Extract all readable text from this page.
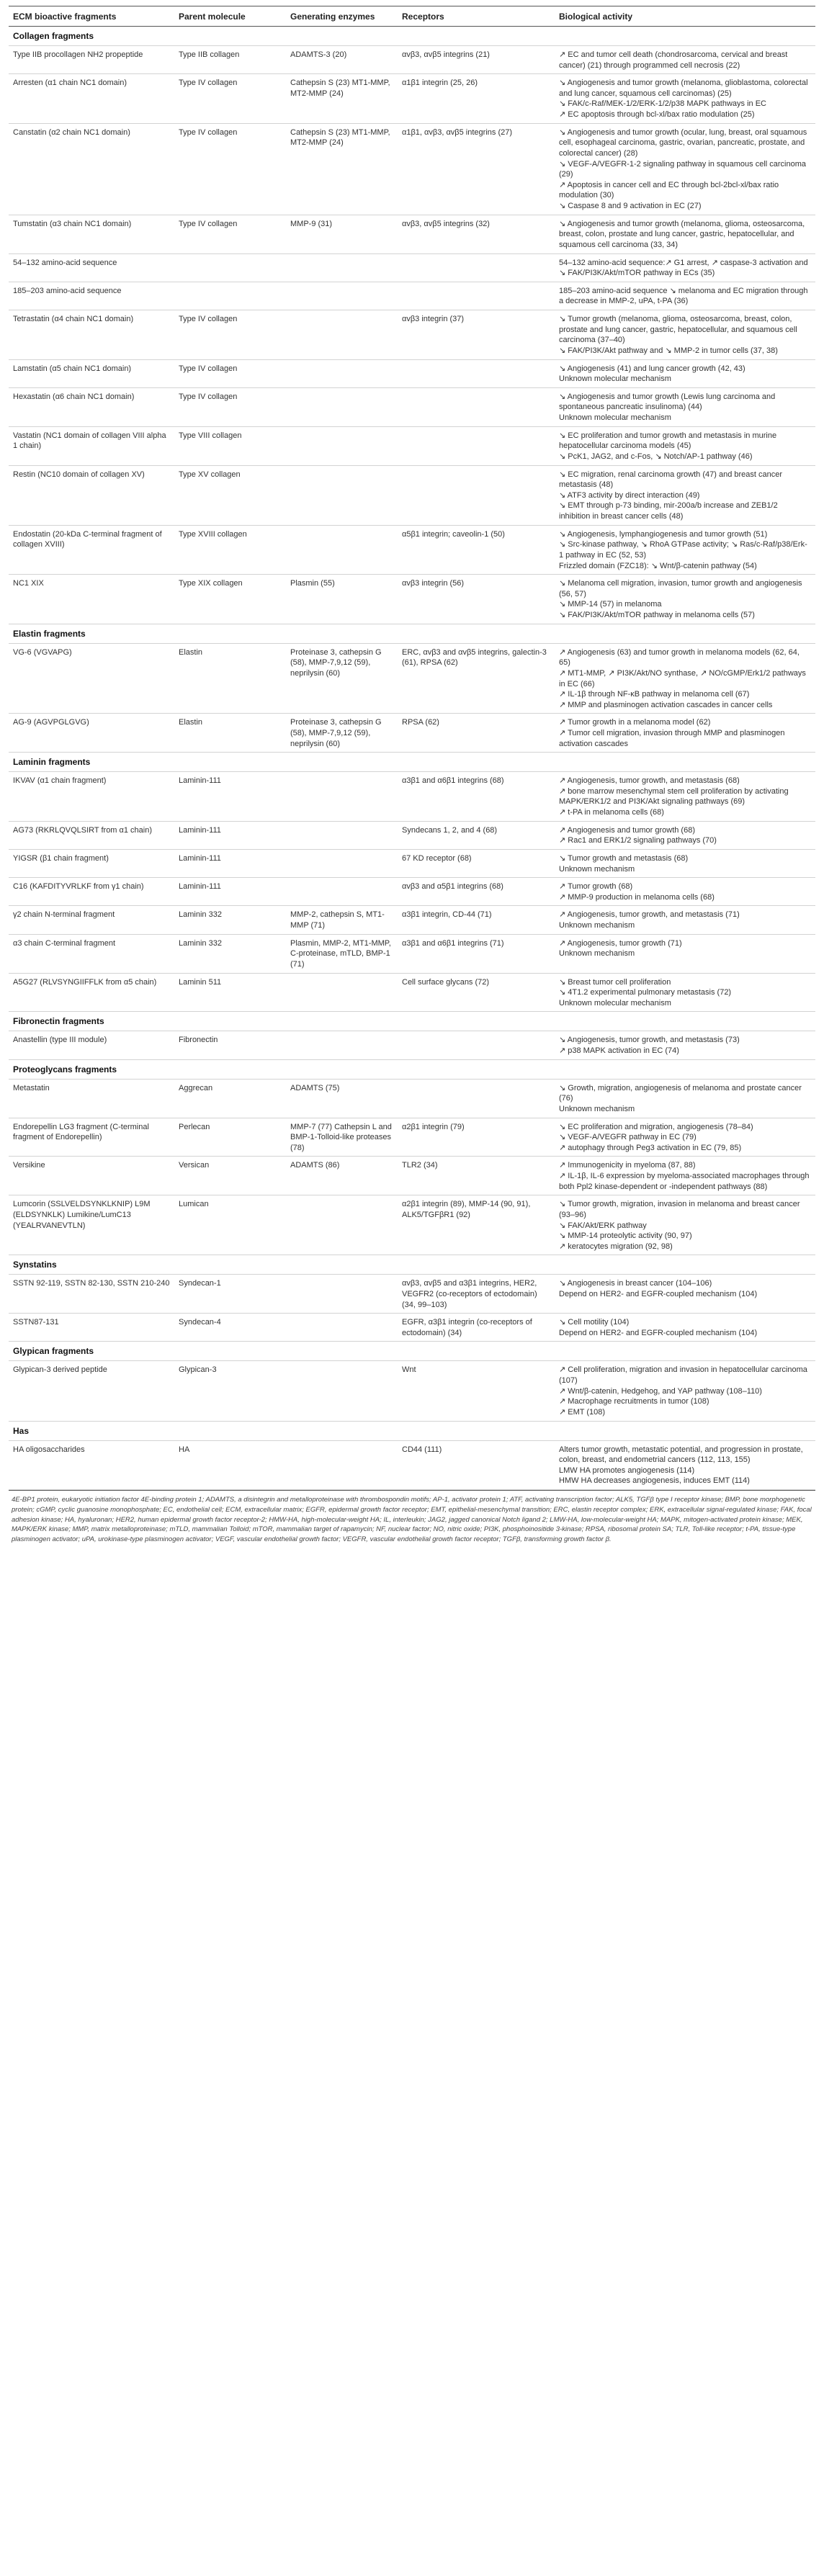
ECM bioactive fragments	Parent molecule	Generating enzymes	Receptors	Biological activity
Collagen fragments				
Type IIB procollagen NH2 propeptide	Type IIB collagen	ADAMTS-3 (20)	αvβ3, αvβ5 integrins (21)	↗ EC and tumor cell death (chondrosarcoma, cervical and breast cancer) (21) through programmed cell necrosis (22)

Arresten (α1 chain NC1 domain)	Type IV collagen	Cathepsin S (23) MT1-MMP, MT2-MMP (24)	α1β1 integrin (25, 26)	↘ Angiogenesis and tumor growth (melanoma, glioblastoma, colorectal and lung cancer, squamous cell carcinomas) (25)
↘ FAK/c-Raf/MEK-1/2/ERK-1/2/p38 MAPK pathways in EC
↗ EC apoptosis through bcl-xl/bax ratio modulation (25)

Canstatin (α2 chain NC1 domain)	Type IV collagen	Cathepsin S (23) MT1-MMP, MT2-MMP (24)	α1β1, αvβ3, αvβ5 integrins (27)	↘ Angiogenesis and tumor growth (ocular, lung, breast, oral squamous cell, esophageal carcinoma, gastric, ovarian, pancreatic, prostate, and colorectal cancer) (28)
↘ VEGF-A/VEGFR-1-2 signaling pathway in squamous cell carcinoma (29)
↗ Apoptosis in cancer cell and EC through bcl-2bcl-xl/bax ratio modulation (30)
↘ Caspase 8 and 9 activation in EC (27)

Tumstatin (α3 chain NC1 domain)	Type IV collagen	MMP-9 (31)	αvβ3, αvβ5 integrins (32)	↘ Angiogenesis and tumor growth (melanoma, glioma, osteosarcoma, breast, colon, prostate and lung cancer, gastric, hepatocellular, and squamous cell carcinoma (33, 34)

54–132 amino-acid sequence				54–132 amino-acid sequence:↗ G1 arrest, ↗ caspase-3 activation and ↘ FAK/PI3K/Akt/mTOR pathway in ECs (35)

185–203 amino-acid sequence				185–203 amino-acid sequence ↘ melanoma and EC migration through a decrease in MMP-2, uPA, t-PA (36)

Tetrastatin (α4 chain NC1 domain)	Type IV collagen		αvβ3 integrin (37)	↘ Tumor growth (melanoma, glioma, osteosarcoma, breast, colon, prostate and lung cancer, gastric, hepatocellular, and squamous cell carcinoma (37–40)
↘ FAK/PI3K/Akt pathway and ↘ MMP-2 in tumor cells (37, 38)

Lamstatin (α5 chain NC1 domain)	Type IV collagen			↘ Angiogenesis (41) and lung cancer growth (42, 43)
Unknown molecular mechanism

Hexastatin (α6 chain NC1 domain)	Type IV collagen			↘ Angiogenesis and tumor growth (Lewis lung carcinoma and spontaneous pancreatic insulinoma) (44)
Unknown molecular mechanism

Vastatin (NC1 domain of collagen VIII alpha 1 chain)	Type VIII collagen			↘ EC proliferation and tumor growth and metastasis in murine hepatocellular carcinoma models (45)
↘ PcK1, JAG2, and c-Fos, ↘ Notch/AP-1 pathway (46)

Restin (NC10 domain of collagen XV)	Type XV collagen			↘ EC migration, renal carcinoma growth (47) and breast cancer metastasis (48)
↘ ATF3 activity by direct interaction (49)
↘ EMT through p-73 binding, mir-200a/b increase and ZEB1/2 inhibition in breast cancer cells (48)

Endostatin (20-kDa C-terminal fragment of collagen XVIII)	Type XVIII collagen		α5β1 integrin; caveolin-1 (50)	↘ Angiogenesis, lymphangiogenesis and tumor growth (51)
↘ Src-kinase pathway, ↘ RhoA GTPase activity; ↘ Ras/c-Raf/p38/Erk-1 pathway in EC (52, 53)
Frizzled domain (FZC18): ↘ Wnt/β-catenin pathway (54)

NC1 XIX	Type XIX collagen	Plasmin (55)	αvβ3 integrin (56)	↘ Melanoma cell migration, invasion, tumor growth and angiogenesis (56, 57)
↘ MMP-14 (57) in melanoma
↘ FAK/PI3K/Akt/mTOR pathway in melanoma cells (57)

Elastin fragments				
VG-6 (VGVAPG)	Elastin	Proteinase 3, cathepsin G (58), MMP-7,9,12 (59), neprilysin (60)	ERC, αvβ3 and αvβ5 integrins, galectin-3 (61), RPSA (62)	↗ Angiogenesis (63) and tumor growth in melanoma models (62, 64, 65)
↗ MT1-MMP, ↗ PI3K/Akt/NO synthase, ↗ NO/cGMP/Erk1/2 pathways in EC (66)
↗ IL-1β through NF-κB pathway in melanoma cell (67)
↗ MMP and plasminogen activation cascades in cancer cells

AG-9 (AGVPGLGVG)	Elastin	Proteinase 3, cathepsin G (58), MMP-7,9,12 (59), neprilysin (60)	RPSA (62)	↗ Tumor growth in a melanoma model (62)
↗ Tumor cell migration, invasion through MMP and plasminogen activation cascades

Laminin fragments				
IKVAV (α1 chain fragment)	Laminin-111		α3β1 and α6β1 integrins (68)	↗ Angiogenesis, tumor growth, and metastasis (68)
↗ bone marrow mesenchymal stem cell proliferation by activating MAPK/ERK1/2 and PI3K/Akt signaling pathways (69)
↗ t-PA in melanoma cells (68)

AG73 (RKRLQVQLSIRT from α1 chain)	Laminin-111		Syndecans 1, 2, and 4 (68)	↗ Angiogenesis and tumor growth (68)
↗ Rac1 and ERK1/2 signaling pathways (70)

YIGSR (β1 chain fragment)	Laminin-111		67 KD receptor (68)	↘ Tumor growth and metastasis (68)
Unknown mechanism

C16 (KAFDITYVRLKF from γ1 chain)	Laminin-111		αvβ3 and α5β1 integrins (68)	↗ Tumor growth (68)
↗ MMP-9 production in melanoma cells (68)

γ2 chain N-terminal fragment	Laminin 332	MMP-2, cathepsin S, MT1-MMP (71)	α3β1 integrin, CD-44 (71)	↗ Angiogenesis, tumor growth, and metastasis (71)
Unknown mechanism

α3 chain C-terminal fragment	Laminin 332	Plasmin, MMP-2, MT1-MMP, C-proteinase, mTLD, BMP-1 (71)	α3β1 and α6β1 integrins (71)	↗ Angiogenesis, tumor growth (71)
Unknown mechanism

A5G27 (RLVSYNGIIFFLK from α5 chain)	Laminin 511		Cell surface glycans (72)	↘ Breast tumor cell proliferation
↘ 4T1.2 experimental pulmonary metastasis (72)
Unknown molecular mechanism

Fibronectin fragments				
Anastellin (type III module)	Fibronectin			↘ Angiogenesis, tumor growth, and metastasis (73)
↗ p38 MAPK activation in EC (74)

Proteoglycans fragments				
Metastatin	Aggrecan	ADAMTS (75)		↘ Growth, migration, angiogenesis of melanoma and prostate cancer (76)
Unknown mechanism

Endorepellin LG3 fragment (C-terminal fragment of Endorepellin)	Perlecan	MMP-7 (77) Cathepsin L and BMP-1-Tolloid-like proteases (78)	α2β1 integrin (79)	↘ EC proliferation and migration, angiogenesis (78–84)
↘ VEGF-A/VEGFR pathway in EC (79)
↗ autophagy through Peg3 activation in EC (79, 85)

Versikine	Versican	ADAMTS (86)	TLR2 (34)	↗ Immunogenicity in myeloma (87, 88)
↗ IL-1β, IL-6 expression by myeloma-associated macrophages through both Ppl2 kinase-dependent or -independent pathways (88)

Lumcorin (SSLVELDSYNKLKNIP) L9M (ELDSYNKLK) Lumikine/LumC13 (YEALRVANEVTLN)	Lumican		α2β1 integrin (89), MMP-14 (90, 91), ALK5/TGFβR1 (92)	↘ Tumor growth, migration, invasion in melanoma and breast cancer (93–96)
↘ FAK/Akt/ERK pathway
↘ MMP-14 proteolytic activity (90, 97)
↗ keratocytes migration (92, 98)

Synstatins				
SSTN 92-119, SSTN 82-130, SSTN 210-240	Syndecan-1		αvβ3, αvβ5 and α3β1 integrins, HER2, VEGFR2 (co-receptors of ectodomain) (34, 99–103)	↘ Angiogenesis in breast cancer (104–106)
Depend on HER2- and EGFR-coupled mechanism (104)

SSTN87-131	Syndecan-4		EGFR, α3β1 integrin (co-receptors of ectodomain) (34)	↘ Cell motility (104)
Depend on HER2- and EGFR-coupled mechanism (104)

Glypican fragments				
Glypican-3 derived peptide	Glypican-3		Wnt	↗ Cell proliferation, migration and invasion in hepatocellular carcinoma (107)
↗ Wnt/β-catenin, Hedgehog, and YAP pathway (108–110)
↗ Macrophage recruitments in tumor (108)
↗ EMT (108)

Has				
HA oligosaccharides	HA		CD44 (111)	Alters tumor growth, metastatic potential, and progression in prostate, colon, breast, and endometrial cancers (112, 113, 155)
LMW HA promotes angiogenesis (114)
HMW HA decreases angiogenesis, induces EMT (114)
4E-BP1 protein, eukaryotic initiation factor 4E-binding protein 1; ADAMTS, a disintegrin and metalloproteinase with thrombospondin motifs; AP-1, activator protein 1; ATF, activating transcription factor; ALK5, TGFβ type I receptor kinase; BMP, bone morphogenetic protein; cGMP, cyclic guanosine monophosphate; EC, endothelial cell; ECM, extracellular matrix; EGFR, epidermal growth factor receptor; EMT, epithelial-mesenchymal transition; ERC, elastin receptor complex; ERK, extracellular signal-regulated kinase; FAK, focal adhesion kinase; HA, hyaluronan; HER2, human epidermal growth factor receptor-2; HMW-HA, high-molecular-weight HA; IL, interleukin; JAG2, jagged canonical Notch ligand 2; LMW-HA, low-molecular-weight HA; MAPK, mitogen-activated protein kinase; MEK, MAPK/ERK kinase; MMP, matrix metalloproteinase; mTLD, mammalian Tolloid; mTOR, mammalian target of rapamycin; NF, nuclear factor; NO, nitric oxide; PI3K, phosphoinositide 3-kinase; RPSA, ribosomal protein SA; TLR, Toll-like receptor; t-PA, tissue-type plasminogen activator; uPA, urokinase-type plasminogen activator; VEGF, vascular endothelial growth factor; VEGFR, vascular endothelial growth factor receptor; TGFβ, transforming growth factor β.
